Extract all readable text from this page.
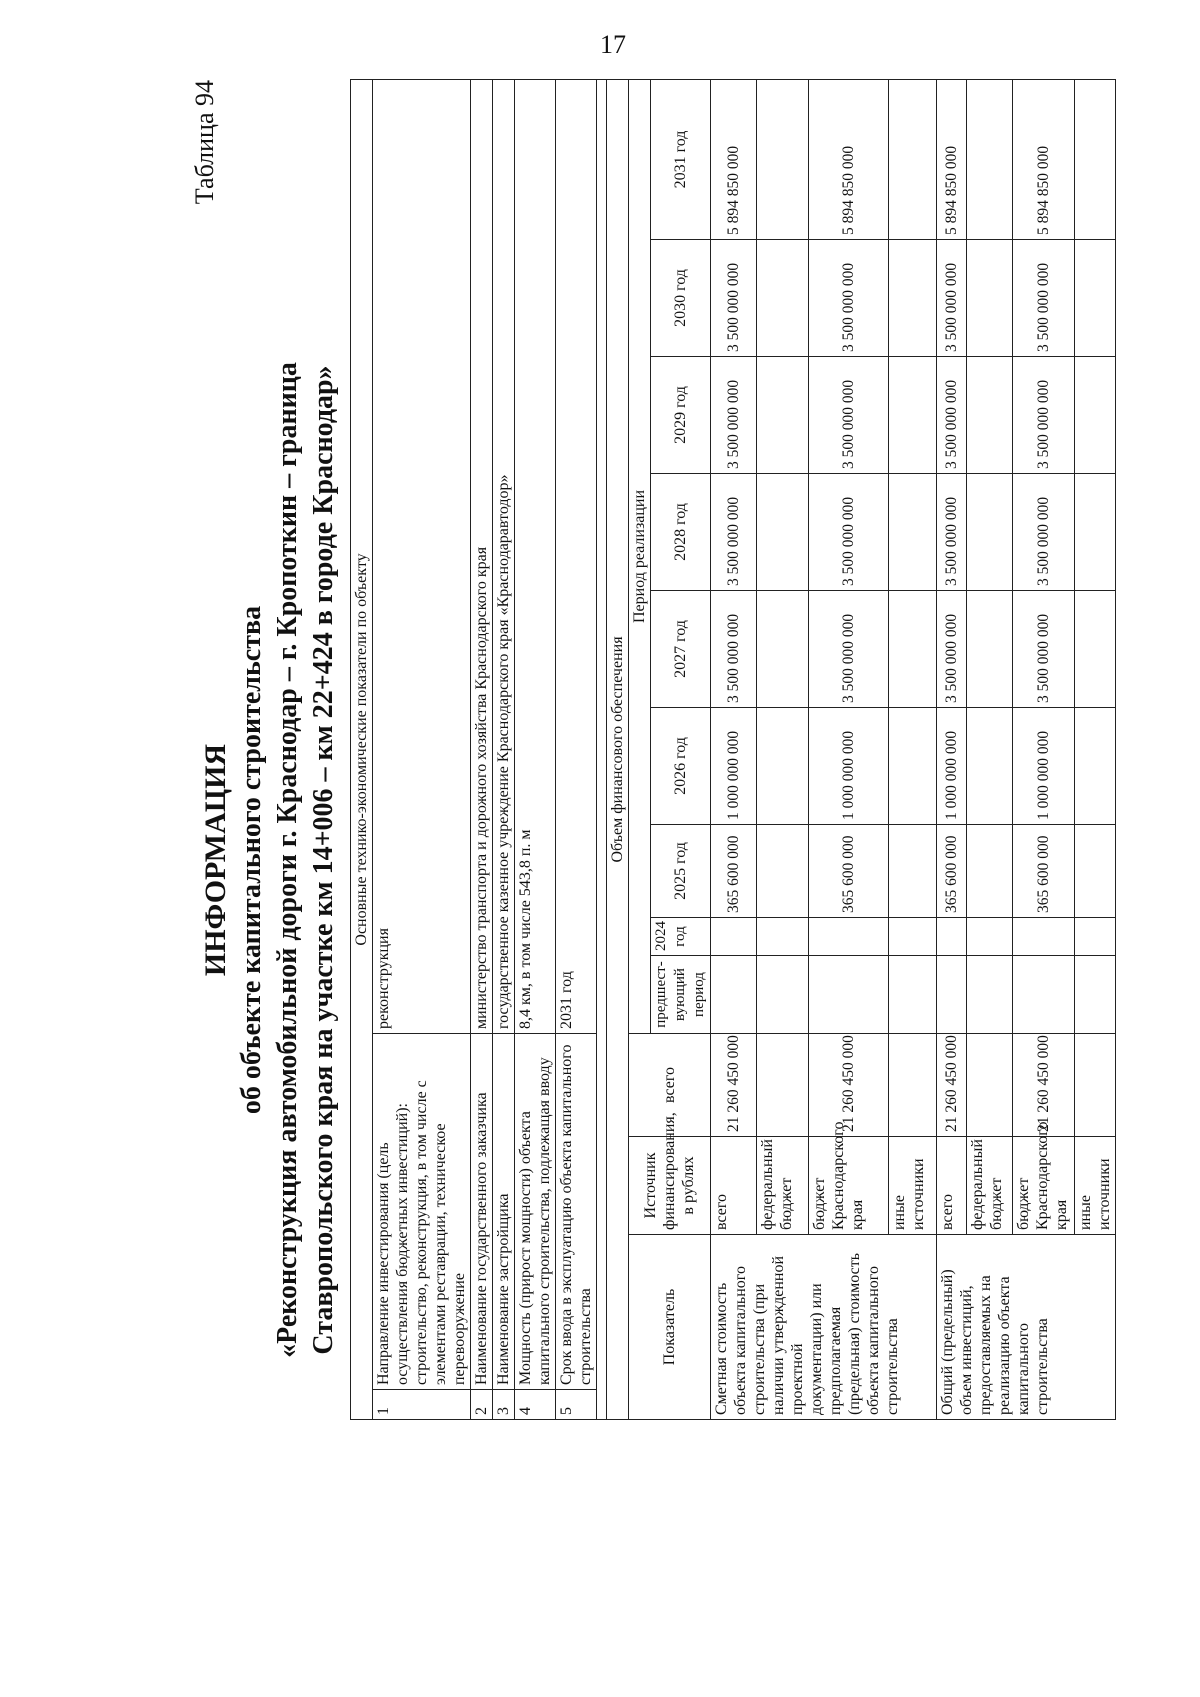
17
Таблица 94
ИНФОРМАЦИЯ об объекте капитального строительства «Реконструкция автомобильной дороги г. Краснодар – г. Кропоткин – граница Ставропольского края на участке км 14+006 – км 22+424 в городе Краснодар» Основные технико-экономические показатели по объекту												
1	Направление инвестирования (цель осуществления бюджетных инвестиций): строительство, реконструкция, в том числе с элементами реставрации, техническое перевооружение			реконструкция								
2	Наименование государственного заказчика			министерство транспорта и дорожного хозяйства Краснодарского края								
3	Наименование застройщика			государственное казенное учреждение Краснодарского края «Краснодаравтодор»								
4	Мощность (прирост мощности) объекта капитального строительства, подлежащая вводу			8,4 км, в том числе 543,8 п. м								
5	Срок ввода в эксплуатацию объекта капитального строительства			2031 год								

Объем финансового обеспечения												
Показатель		Источник финансирования, в рублях	всего	Период реализации								
				предшест-вующий период	2024 год	2025 год	2026 год	2027 год	2028 год	2029 год	2030 год	2031 год
Сметная стоимость объекта капитального строительства (при наличии утвержденной проектной документации) или предполагаемая (предельная) стоимость объекта капитального строительства		всего	21 260 450 000			365 600 000	1 000 000 000	3 500 000 000	3 500 000 000	3 500 000 000	3 500 000 000	5 894 850 000
		федеральный бюджет										
		бюджет Краснодарского края	21 260 450 000			365 600 000	1 000 000 000	3 500 000 000	3 500 000 000	3 500 000 000	3 500 000 000	5 894 850 000
		иные источники										
Общий (предельный) объем инвестиций, предоставляемых на реализацию объекта капитального строительства		всего	21 260 450 000			365 600 000	1 000 000 000	3 500 000 000	3 500 000 000	3 500 000 000	3 500 000 000	5 894 850 000
		федеральный бюджет										
		бюджет Краснодарского края	21 260 450 000			365 600 000	1 000 000 000	3 500 000 000	3 500 000 000	3 500 000 000	3 500 000 000	5 894 850 000
		иные источники										
